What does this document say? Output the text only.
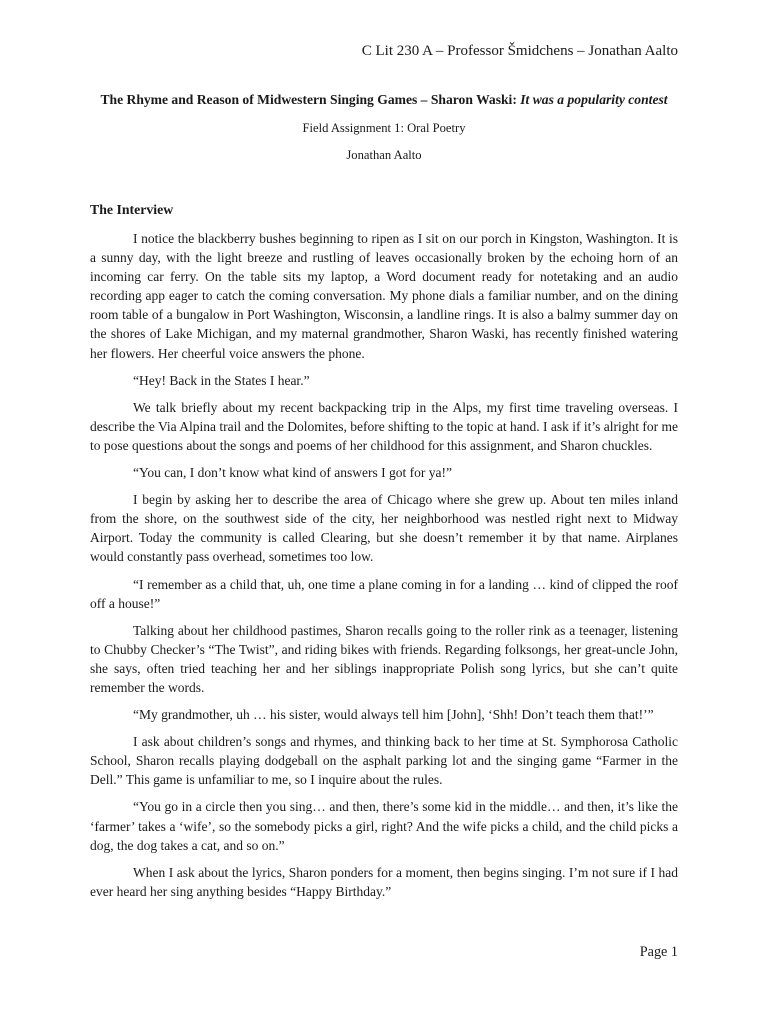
C Lit 230 A – Professor Šmidchens – Jonathan Aalto
The Rhyme and Reason of Midwestern Singing Games – Sharon Waski: It was a popularity contest
Field Assignment 1: Oral Poetry
Jonathan Aalto
The Interview

I notice the blackberry bushes beginning to ripen as I sit on our porch in Kingston, Washington. It is a sunny day, with the light breeze and rustling of leaves occasionally broken by the echoing horn of an incoming car ferry. On the table sits my laptop, a Word document ready for notetaking and an audio recording app eager to catch the coming conversation. My phone dials a familiar number, and on the dining room table of a bungalow in Port Washington, Wisconsin, a landline rings. It is also a balmy summer day on the shores of Lake Michigan, and my maternal grandmother, Sharon Waski, has recently finished watering her flowers. Her cheerful voice answers the phone.

“Hey! Back in the States I hear.”

We talk briefly about my recent backpacking trip in the Alps, my first time traveling overseas. I describe the Via Alpina trail and the Dolomites, before shifting to the topic at hand. I ask if it’s alright for me to pose questions about the songs and poems of her childhood for this assignment, and Sharon chuckles.

“You can, I don’t know what kind of answers I got for ya!”

I begin by asking her to describe the area of Chicago where she grew up. About ten miles inland from the shore, on the southwest side of the city, her neighborhood was nestled right next to Midway Airport. Today the community is called Clearing, but she doesn’t remember it by that name. Airplanes would constantly pass overhead, sometimes too low.

“I remember as a child that, uh, one time a plane coming in for a landing … kind of clipped the roof off a house!”

Talking about her childhood pastimes, Sharon recalls going to the roller rink as a teenager, listening to Chubby Checker’s “The Twist”, and riding bikes with friends. Regarding folksongs, her great-uncle John, she says, often tried teaching her and her siblings inappropriate Polish song lyrics, but she can’t quite remember the words.

“My grandmother, uh … his sister, would always tell him [John], ‘Shh! Don’t teach them that!’”

I ask about children’s songs and rhymes, and thinking back to her time at St. Symphorosa Catholic School, Sharon recalls playing dodgeball on the asphalt parking lot and the singing game “Farmer in the Dell.” This game is unfamiliar to me, so I inquire about the rules.

“You go in a circle then you sing… and then, there’s some kid in the middle… and then, it’s like the ‘farmer’ takes a ‘wife’, so the somebody picks a girl, right? And the wife picks a child, and the child picks a dog, the dog takes a cat, and so on.”

When I ask about the lyrics, Sharon ponders for a moment, then begins singing. I’m not sure if I had ever heard her sing anything besides “Happy Birthday.”

Page 1
